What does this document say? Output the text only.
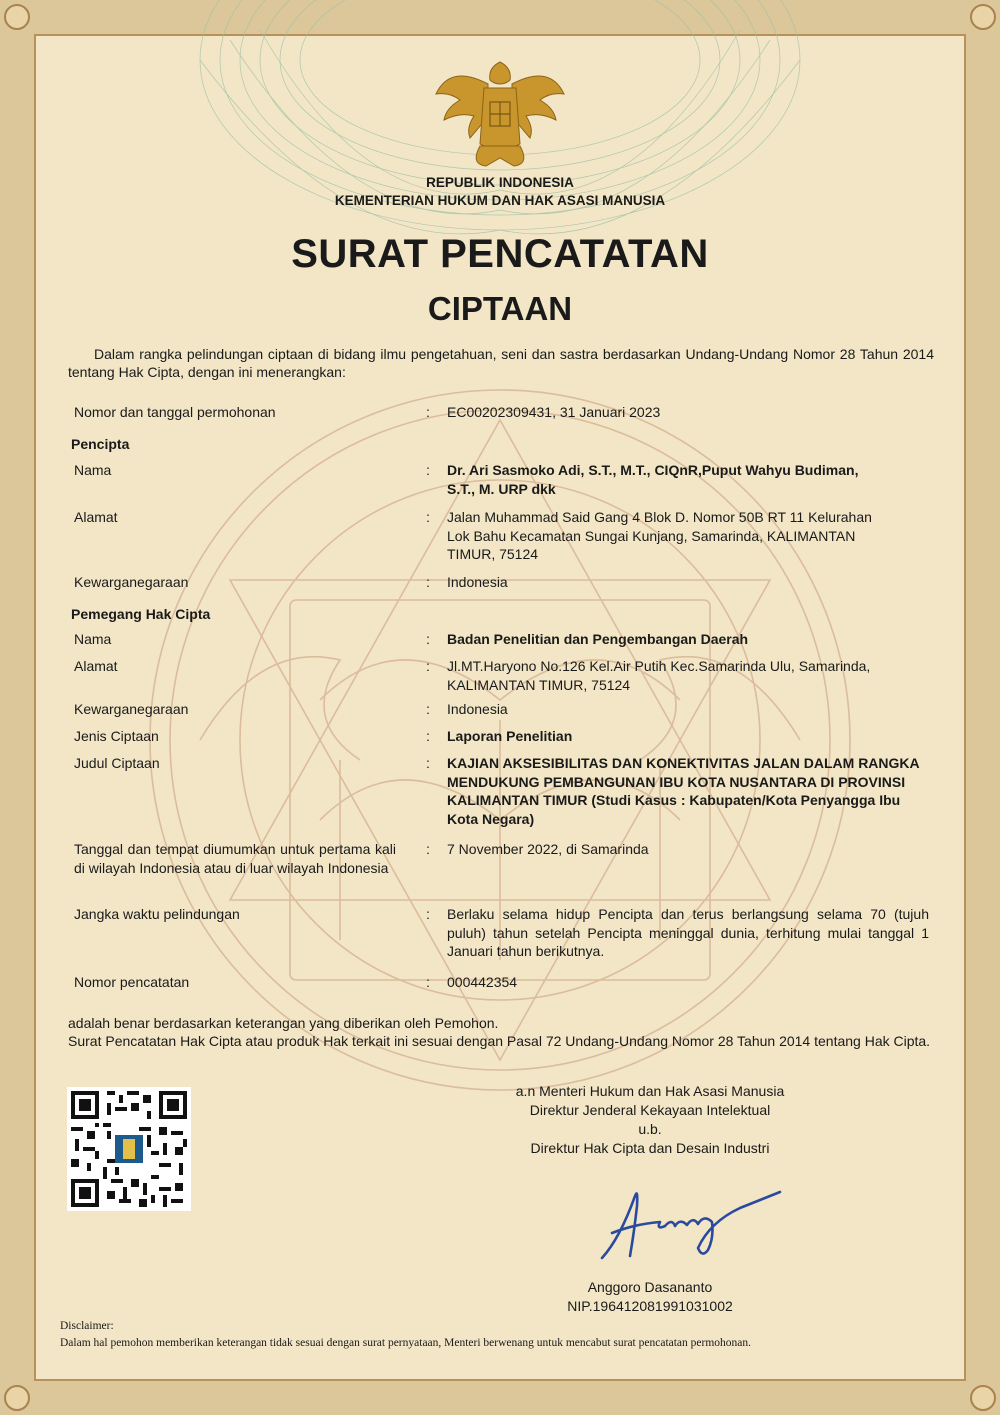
REPUBLIK INDONESIA
KEMENTERIAN HUKUM DAN HAK ASASI MANUSIA
SURAT PENCATATAN
CIPTAAN
Dalam rangka pelindungan ciptaan di bidang ilmu pengetahuan, seni dan sastra berdasarkan Undang-Undang Nomor 28 Tahun 2014 tentang Hak Cipta, dengan ini menerangkan:
Nomor dan tanggal permohonan	: EC00202309431, 31 Januari 2023
Pencipta
Nama	: Dr. Ari Sasmoko Adi, S.T., M.T., CIQnR,Puput Wahyu Budiman, S.T., M. URP dkk
Alamat	: Jalan Muhammad Said Gang 4 Blok D. Nomor 50B RT 11 Kelurahan Lok Bahu Kecamatan Sungai Kunjang, Samarinda, KALIMANTAN TIMUR, 75124
Kewarganegaraan	: Indonesia
Pemegang Hak Cipta
Nama	: Badan Penelitian dan Pengembangan Daerah
Alamat	: Jl.MT.Haryono No.126 Kel.Air Putih Kec.Samarinda Ulu, Samarinda, KALIMANTAN TIMUR, 75124
Kewarganegaraan	: Indonesia
Jenis Ciptaan	: Laporan Penelitian
Judul Ciptaan	: KAJIAN AKSESIBILITAS DAN KONEKTIVITAS JALAN DALAM RANGKA MENDUKUNG PEMBANGUNAN IBU KOTA NUSANTARA DI PROVINSI KALIMANTAN TIMUR (Studi Kasus : Kabupaten/Kota Penyangga Ibu Kota Negara)
Tanggal dan tempat diumumkan untuk pertama kali di wilayah Indonesia atau di luar wilayah Indonesia
: 7 November 2022, di Samarinda
Jangka waktu pelindungan	: Berlaku selama hidup Pencipta dan terus berlangsung selama 70 (tujuh puluh) tahun setelah Pencipta meninggal dunia, terhitung mulai tanggal 1 Januari tahun berikutnya.
Nomor pencatatan	: 000442354
adalah benar berdasarkan keterangan yang diberikan oleh Pemohon.
Surat Pencatatan Hak Cipta atau produk Hak terkait ini sesuai dengan Pasal 72 Undang-Undang Nomor 28 Tahun 2014 tentang Hak Cipta.
a.n Menteri Hukum dan Hak Asasi Manusia
Direktur Jenderal Kekayaan Intelektual
u.b.
Direktur Hak Cipta dan Desain Industri
Anggoro Dasananto
NIP.196412081991031002
Disclaimer:
Dalam hal pemohon memberikan keterangan tidak sesuai dengan surat pernyataan, Menteri berwenang untuk mencabut surat pencatatan permohonan.
